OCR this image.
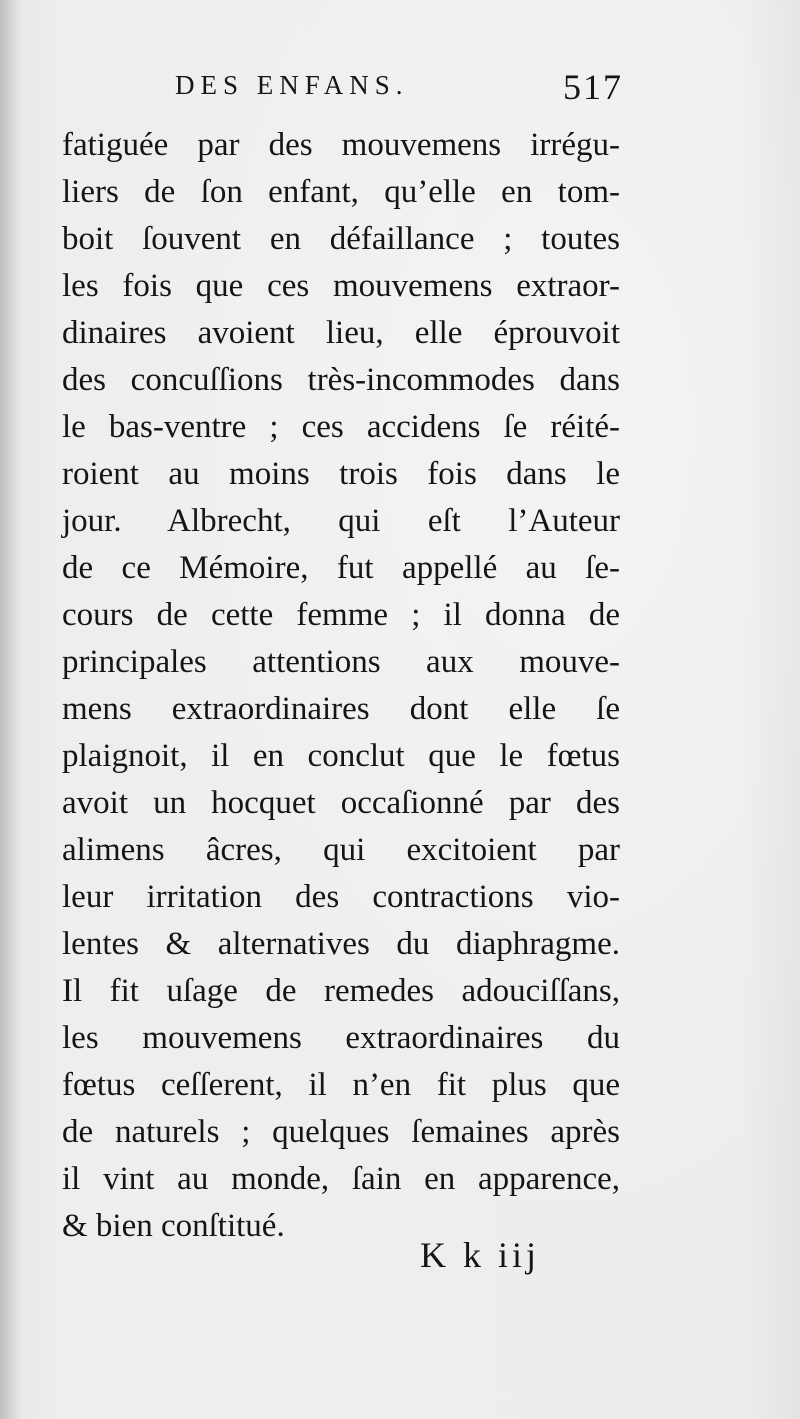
DES ENFANS.	517
fatiguée par des mouvemens irrégu-
liers de ſon enfant, qu’elle en tom-
boit ſouvent en défaillance ; toutes
les fois que ces mouvemens extraor-
dinaires avoient lieu, elle éprouvoit
des concuſſions très-incommodes dans
le bas-ventre ; ces accidens ſe réité-
roient au moins trois fois dans le
jour. Albrecht, qui eſt l’Auteur
de ce Mémoire, fut appellé au ſe-
cours de cette femme ; il donna de
principales attentions aux mouve-
mens extraordinaires dont elle ſe
plaignoit, il en conclut que le fœtus
avoit un hocquet occaſionné par des
alimens âcres, qui excitoient par
leur irritation des contractions vio-
lentes & alternatives du diaphragme.
Il fit uſage de remedes adouciſſans,
les mouvemens extraordinaires du
fœtus ceſſerent, il n’en fit plus que
de naturels ; quelques ſemaines après
il vint au monde, ſain en apparence,
& bien conſtitué.
K k iij
